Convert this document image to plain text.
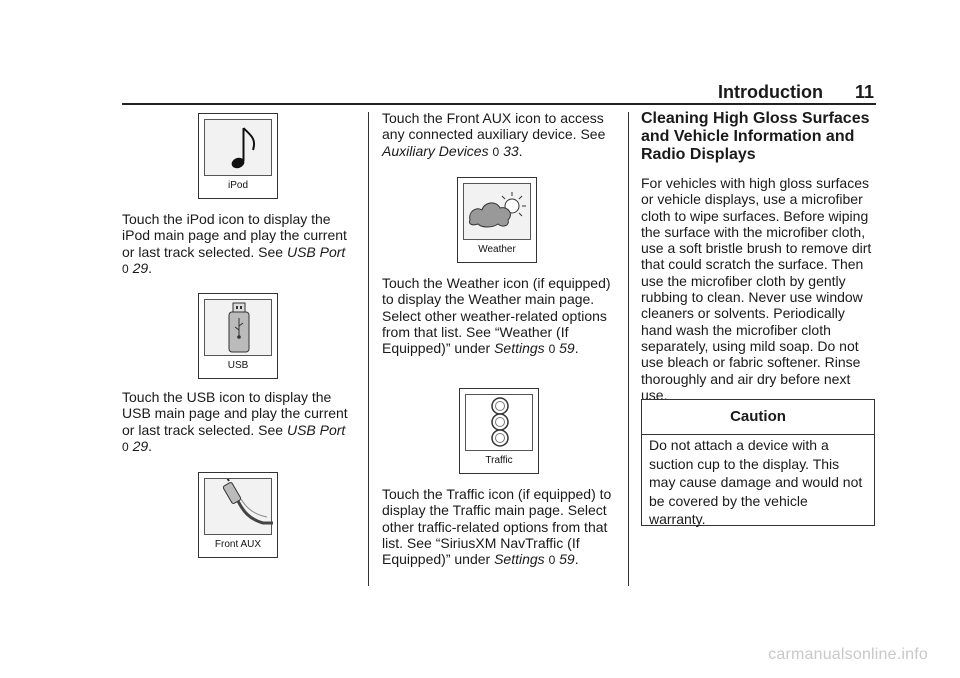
Introduction 11
iPod

Touch the iPod icon to display the iPod main page and play the current or last track selected. See USB Port
0 29.

USB

Touch the USB icon to display the USB main page and play the current or last track selected. See USB Port
0 29.

Front AUX

Touch the Front AUX icon to access any connected auxiliary device. See Auxiliary Devices 0 33.

Weather

Touch the Weather icon (if equipped) to display the Weather main page. Select other weather-related options from that list. See “Weather (If Equipped)” under Settings 0 59.

Traffic

Touch the Traffic icon (if equipped) to display the Traffic main page. Select other traffic-related options from that list. See “SiriusXM NavTraffic (If Equipped)” under Settings 0 59.

Cleaning High Gloss Surfaces and Vehicle Information and Radio Displays

For vehicles with high gloss surfaces or vehicle displays, use a microfiber cloth to wipe surfaces. Before wiping the surface with the microfiber cloth, use a soft bristle brush to remove dirt that could scratch the surface. Then use the microfiber cloth by gently rubbing to clean. Never use window cleaners or solvents. Periodically hand wash the microfiber cloth separately, using mild soap. Do not use bleach or fabric softener. Rinse thoroughly and air dry before next use.

Caution
Do not attach a device with a suction cup to the display. This may cause damage and would not be covered by the vehicle warranty.
carmanualsonline.info
